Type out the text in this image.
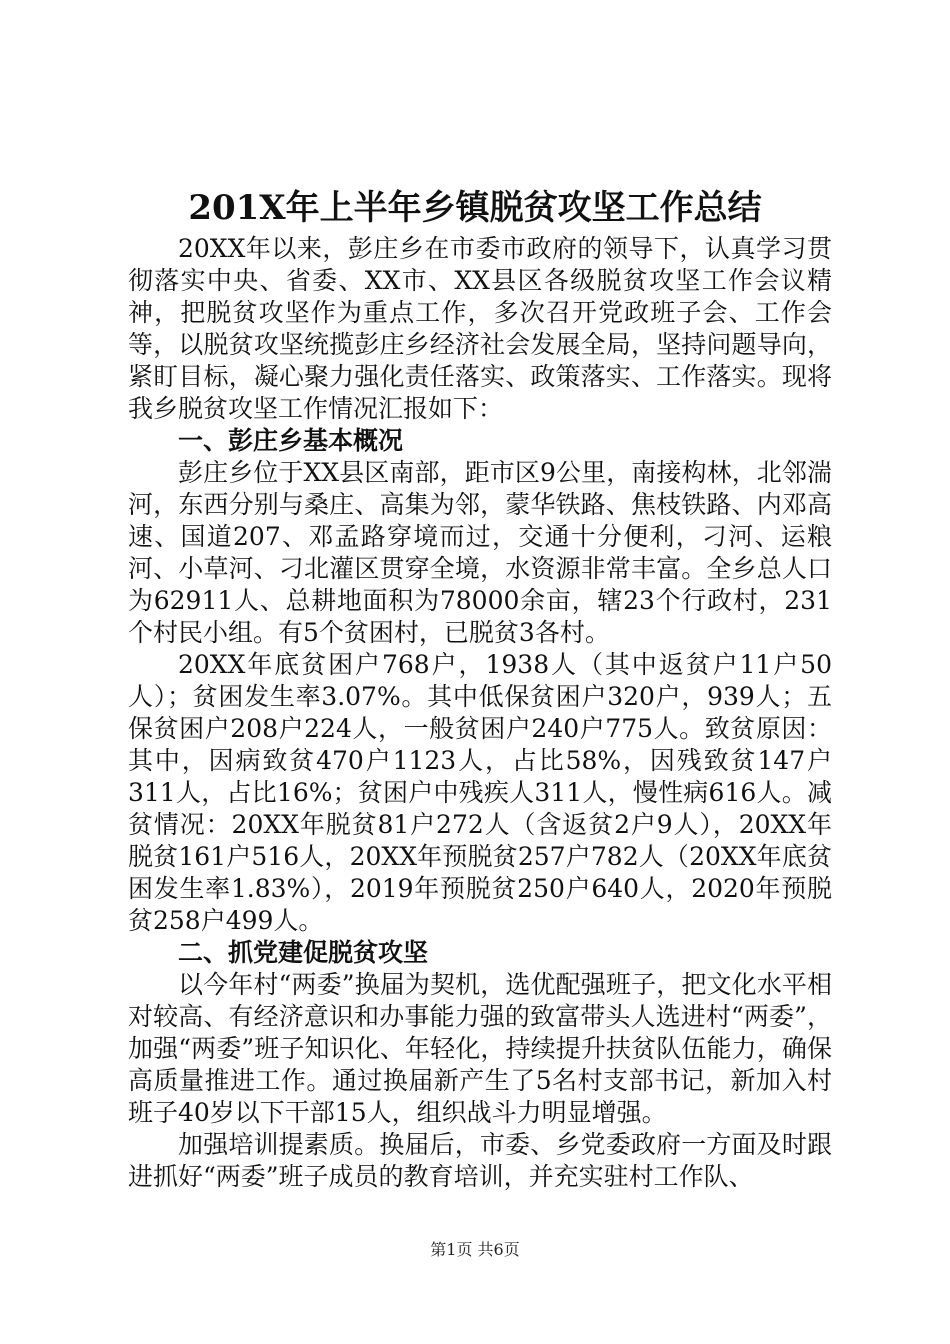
201X年上半年乡镇脱贫攻坚工作总结

20XX年以来，彭庄乡在市委市政府的领导下，认真学习贯彻落实中央、省委、XX市、XX县区各级脱贫攻坚工作会议精神，把脱贫攻坚作为重点工作，多次召开党政班子会、工作会等，以脱贫攻坚统揽彭庄乡经济社会发展全局，坚持问题导向，紧盯目标，凝心聚力强化责任落实、政策落实、工作落实。现将我乡脱贫攻坚工作情况汇报如下：

一、彭庄乡基本概况

彭庄乡位于XX县区南部，距市区9公里，南接构林，北邻湍河，东西分别与桑庄、高集为邻，蒙华铁路、焦枝铁路、内邓高速、国道207、邓孟路穿境而过，交通十分便利，刁河、运粮河、小草河、刁北灌区贯穿全境，水资源非常丰富。全乡总人口为62911人、总耕地面积为78000余亩，辖23个行政村，231个村民小组。有5个贫困村，已脱贫3各村。

20XX年底贫困户768户，1938人（其中返贫户11户50人）；贫困发生率3.07%。其中低保贫困户320户，939人；五保贫困户208户224人，一般贫困户240户775人。致贫原因：其中，因病致贫470户1123人，占比58%，因残致贫147户311人，占比16%；贫困户中残疾人311人，慢性病616人。减贫情况：20XX年脱贫81户272人（含返贫2户9人），20XX年脱贫161户516人，20XX年预脱贫257户782人（20XX年底贫困发生率1.83%），2019年预脱贫250户640人，2020年预脱贫258户499人。

二、抓党建促脱贫攻坚

以今年村“两委”换届为契机，选优配强班子，把文化水平相对较高、有经济意识和办事能力强的致富带头人选进村“两委”，加强“两委”班子知识化、年轻化，持续提升扶贫队伍能力，确保高质量推进工作。通过换届新产生了5名村支部书记，新加入村班子40岁以下干部15人，组织战斗力明显增强。

加强培训提素质。换届后，市委、乡党委政府一方面及时跟进抓好“两委”班子成员的教育培训，并充实驻村工作队、

第1页 共6页
